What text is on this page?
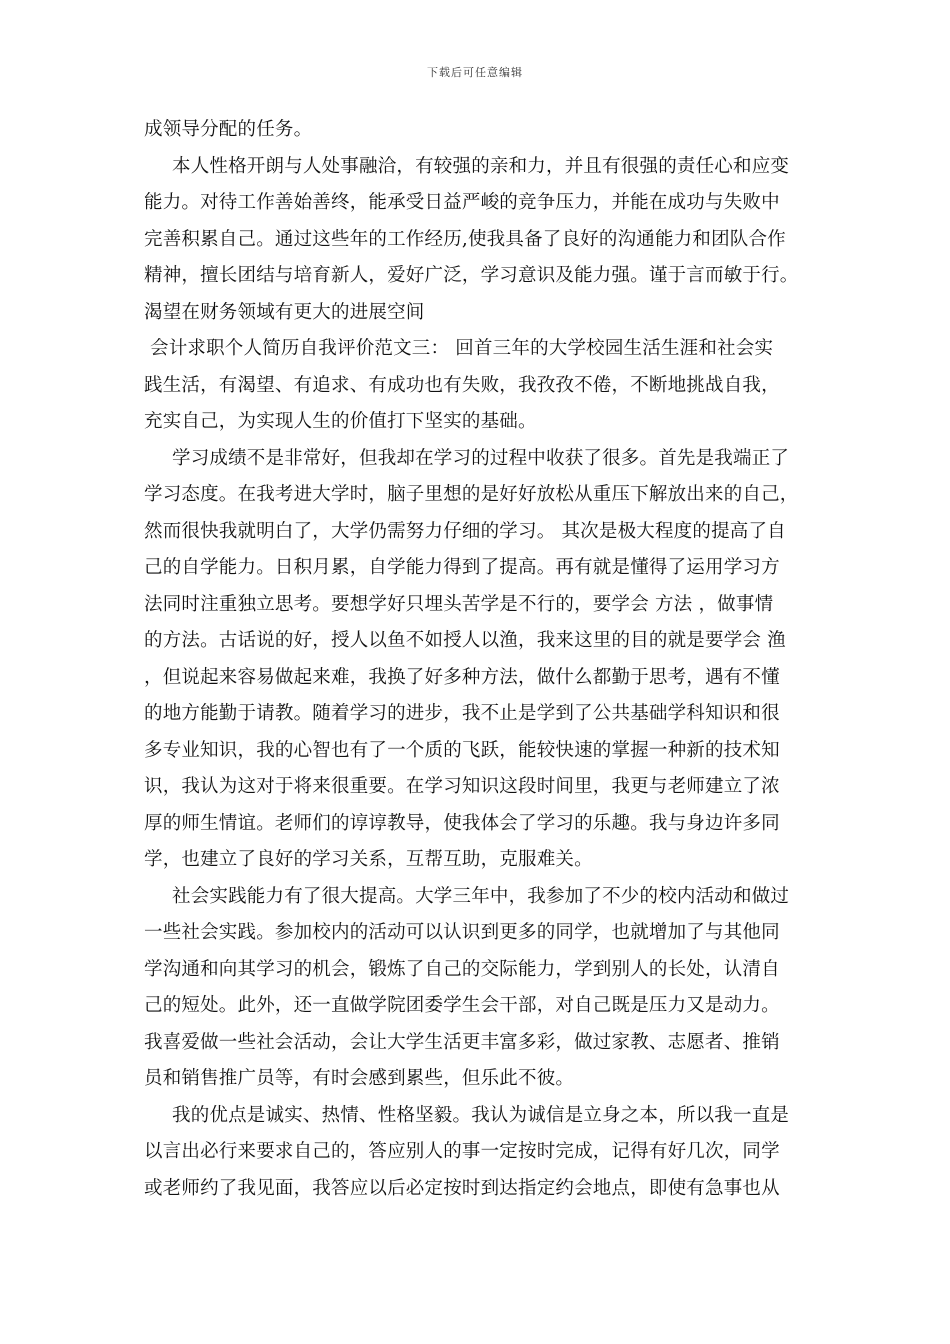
下载后可任意编辑
成领导分配的任务。
本人性格开朗与人处事融洽，有较强的亲和力，并且有很强的责任心和应变
能力。对待工作善始善终，能承受日益严峻的竞争压力，并能在成功与失败中
完善积累自己。通过这些年的工作经历,使我具备了良好的沟通能力和团队合作
精神，擅长团结与培育新人，爱好广泛，学习意识及能力强。谨于言而敏于行。
渴望在财务领域有更大的进展空间
会计求职个人简历自我评价范文三： 回首三年的大学校园生活生涯和社会实
践生活，有渴望、有追求、有成功也有失败，我孜孜不倦，不断地挑战自我，
充实自己，为实现人生的价值打下坚实的基础。
学习成绩不是非常好，但我却在学习的过程中收获了很多。首先是我端正了
学习态度。在我考进大学时，脑子里想的是好好放松从重压下解放出来的自己，
然而很快我就明白了，大学仍需努力仔细的学习。 其次是极大程度的提高了自
己的自学能力。日积月累，自学能力得到了提高。再有就是懂得了运用学习方
法同时注重独立思考。要想学好只埋头苦学是不行的，要学会 方法 ，做事情
的方法。古话说的好，授人以鱼不如授人以渔，我来这里的目的就是要学会 渔
，但说起来容易做起来难，我换了好多种方法，做什么都勤于思考，遇有不懂
的地方能勤于请教。随着学习的进步，我不止是学到了公共基础学科知识和很
多专业知识，我的心智也有了一个质的飞跃，能较快速的掌握一种新的技术知
识，我认为这对于将来很重要。在学习知识这段时间里，我更与老师建立了浓
厚的师生情谊。老师们的谆谆教导，使我体会了学习的乐趣。我与身边许多同
学，也建立了良好的学习关系，互帮互助，克服难关。
社会实践能力有了很大提高。大学三年中，我参加了不少的校内活动和做过
一些社会实践。参加校内的活动可以认识到更多的同学，也就增加了与其他同
学沟通和向其学习的机会，锻炼了自己的交际能力，学到别人的长处，认清自
己的短处。此外，还一直做学院团委学生会干部，对自己既是压力又是动力。
我喜爱做一些社会活动，会让大学生活更丰富多彩，做过家教、志愿者、推销
员和销售推广员等，有时会感到累些，但乐此不彼。
我的优点是诚实、热情、性格坚毅。我认为诚信是立身之本，所以我一直是
以言出必行来要求自己的，答应别人的事一定按时完成，记得有好几次，同学
或老师约了我见面，我答应以后必定按时到达指定约会地点，即使有急事也从
